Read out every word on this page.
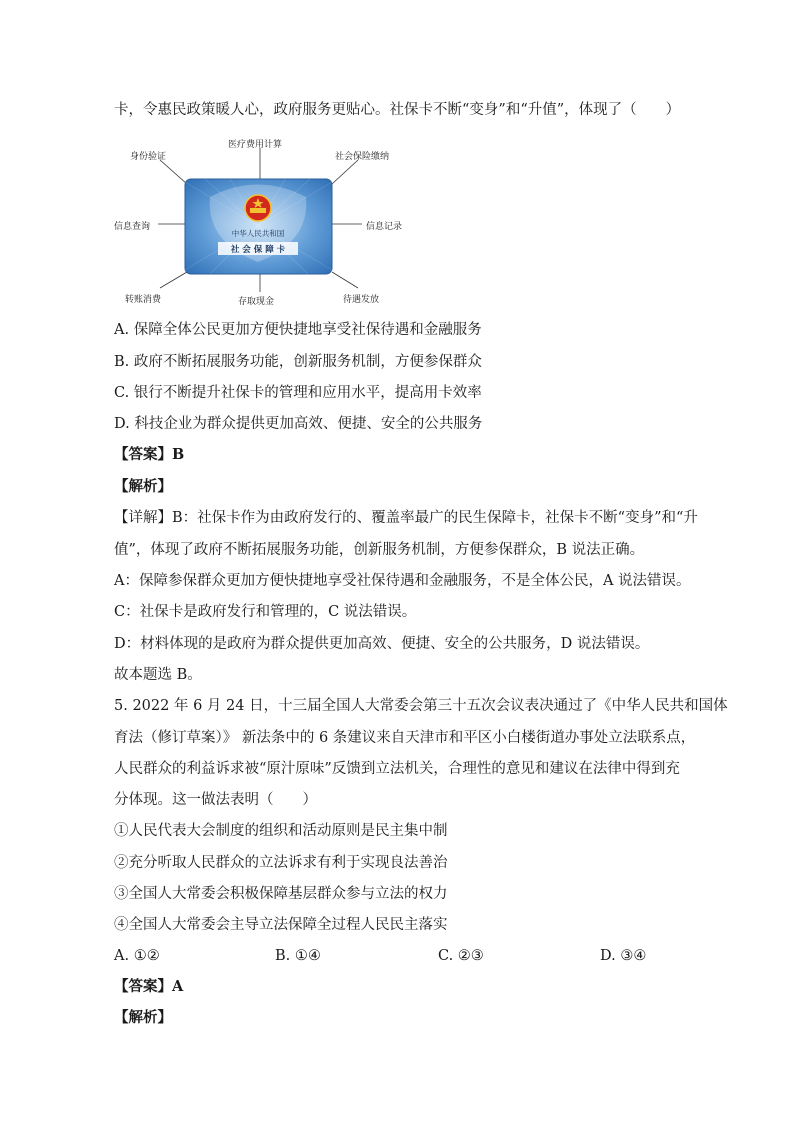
卡，令惠民政策暖人心，政府服务更贴心。社保卡不断“变身”和“升值”，体现了（　　）
中华人民共和国
社 会 保 障 卡
医疗费用计算
身份验证	社会保险缴纳
信息查询	信息记录
转账消费	存取现金	待遇发放
A. 保障全体公民更加方便快捷地享受社保待遇和金融服务
B. 政府不断拓展服务功能，创新服务机制，方便参保群众
C. 银行不断提升社保卡的管理和应用水平，提高用卡效率
D. 科技企业为群众提供更加高效、便捷、安全的公共服务
【答案】B
【解析】
【详解】B：社保卡作为由政府发行的、覆盖率最广的民生保障卡，社保卡不断“变身”和“升
值”，体现了政府不断拓展服务功能，创新服务机制，方便参保群众，B 说法正确。
A：保障参保群众更加方便快捷地享受社保待遇和金融服务，不是全体公民，A 说法错误。
C：社保卡是政府发行和管理的，C 说法错误。
D：材料体现的是政府为群众提供更加高效、便捷、安全的公共服务，D 说法错误。
故本题选 B。
5. 2022 年 6 月 24 日，十三届全国人大常委会第三十五次会议表决通过了《中华人民共和国体
育法（修订草案）》 新法条中的 6 条建议来自天津市和平区小白楼街道办事处立法联系点，
人民群众的利益诉求被“原汁原味”反馈到立法机关，合理性的意见和建议在法律中得到充
分体现。这一做法表明（　　）
①人民代表大会制度的组织和活动原则是民主集中制
②充分听取人民群众的立法诉求有利于实现良法善治
③全国人大常委会积极保障基层群众参与立法的权力
④全国人大常委会主导立法保障全过程人民民主落实
A. ①②	B. ①④	C. ②③	D. ③④
【答案】A
【解析】
